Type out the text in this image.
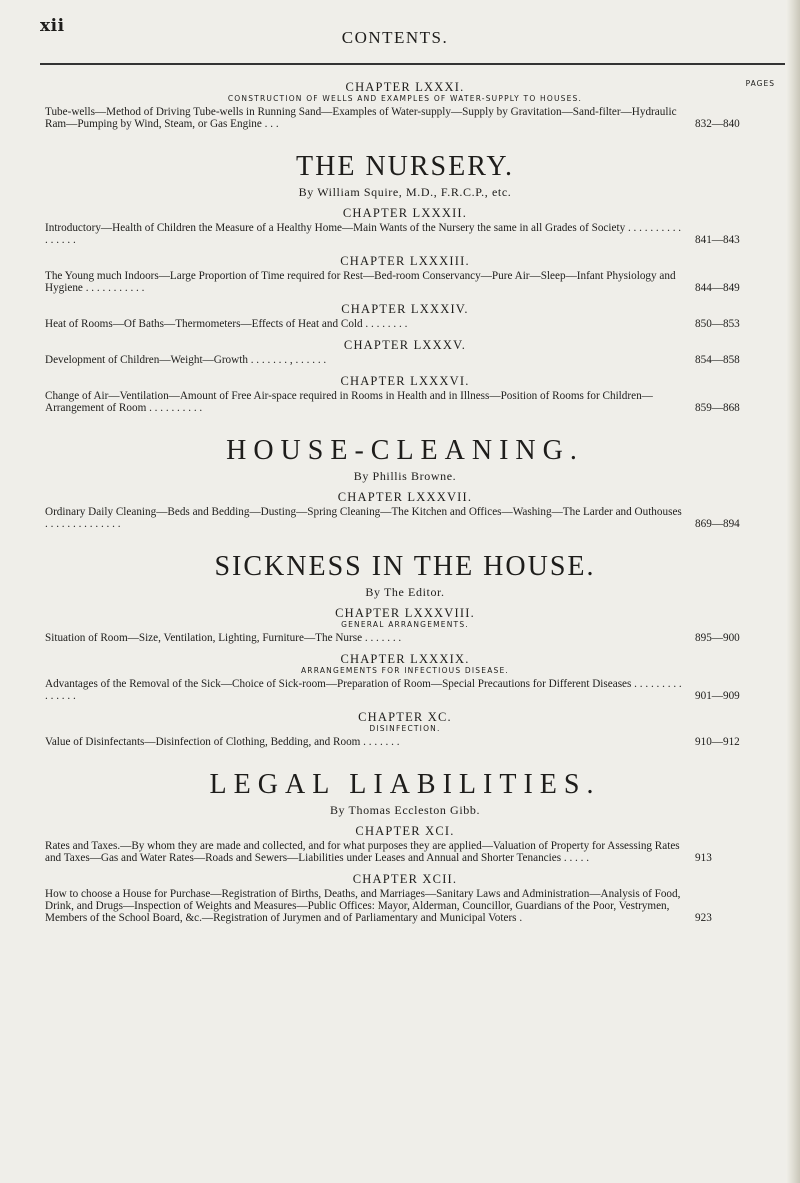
xii
CONTENTS.
PAGES
CHAPTER LXXXI.
CONSTRUCTION OF WELLS AND EXAMPLES OF WATER-SUPPLY TO HOUSES.
Tube-wells—Method of Driving Tube-wells in Running Sand—Examples of Water-supply—Supply by Gravitation—Sand-filter—Hydraulic Ram—Pumping by Wind, Steam, or Gas Engine . . .	832—840
THE NURSERY.
By William Squire, M.D., F.R.C.P., etc.
CHAPTER LXXXII.
Introductory—Health of Children the Measure of a Healthy Home—Main Wants of the Nursery the same in all Grades of Society . . . . . . . . . . . . . . . .	841—843
CHAPTER LXXXIII.
The Young much Indoors—Large Proportion of Time required for Rest—Bed-room Conservancy—Pure Air—Sleep—Infant Physiology and Hygiene . . . . . . . . . . .	844—849
CHAPTER LXXXIV.
Heat of Rooms—Of Baths—Thermometers—Effects of Heat and Cold . . . . . . . .	850—853
CHAPTER LXXXV.
Development of Children—Weight—Growth . . . . . . . , . . . . . .	854—858
CHAPTER LXXXVI.
Change of Air—Ventilation—Amount of Free Air-space required in Rooms in Health and in Illness—Position of Rooms for Children—Arrangement of Room . . . . . . . . . .	859—868
HOUSE-CLEANING.
By Phillis Browne.
CHAPTER LXXXVII.
Ordinary Daily Cleaning—Beds and Bedding—Dusting—Spring Cleaning—The Kitchen and Offices—Washing—The Larder and Outhouses . . . . . . . . . . . . . .	869—894
SICKNESS IN THE HOUSE.
By The Editor.
CHAPTER LXXXVIII.
GENERAL ARRANGEMENTS.
Situation of Room—Size, Ventilation, Lighting, Furniture—The Nurse . . . . . . .	895—900
CHAPTER LXXXIX.
ARRANGEMENTS FOR INFECTIOUS DISEASE.
Advantages of the Removal of the Sick—Choice of Sick-room—Preparation of Room—Special Precautions for Different Diseases . . . . . . . . . . . . . . .	901—909
CHAPTER XC.
DISINFECTION.
Value of Disinfectants—Disinfection of Clothing, Bedding, and Room . . . . . . .	910—912
LEGAL LIABILITIES.
By Thomas Eccleston Gibb.
CHAPTER XCI.
Rates and Taxes.—By whom they are made and collected, and for what purposes they are applied—Valuation of Property for Assessing Rates and Taxes—Gas and Water Rates—Roads and Sewers—Liabilities under Leases and Annual and Shorter Tenancies . . . . .	913
CHAPTER XCII.
How to choose a House for Purchase—Registration of Births, Deaths, and Marriages—Sanitary Laws and Administration—Analysis of Food, Drink, and Drugs—Inspection of Weights and Measures—Public Offices: Mayor, Alderman, Councillor, Guardians of the Poor, Vestrymen, Members of the School Board, &c.—Registration of Jurymen and of Parliamentary and Municipal Voters .	923
